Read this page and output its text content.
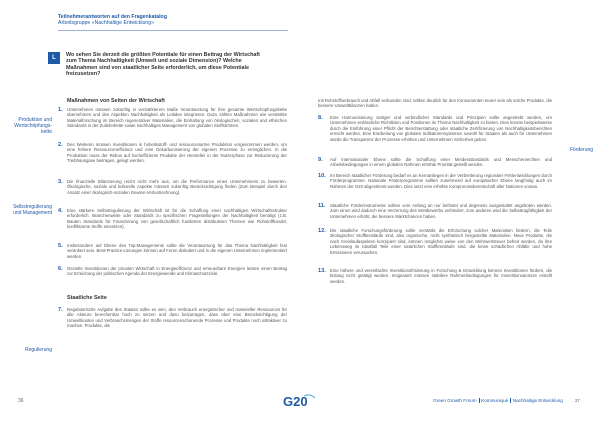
Teilnehmerantworten auf den Fragenkatalog
Arbeitsgruppe «Nachhaltige Entwicklung»
L	Wo sehen Sie derzeit die größten Potentiale für einen Beitrag der Wirtschaft zum Thema Nachhaltigkeit (Umwelt und soziale Dimension)? Welche Maßnahmen sind von staatlicher Seite erforderlich, um diese Potentiale freizusetzen?
Maßnahmen von Seiten der Wirtschaft
Produktion und Wertschöpfungskette
Selbstregulierung und Management
Regulierung
1. Unternehmen müssen zukünftig in verstärkterem Maße Verantwortung für ihre gesamte Wertschöpfungskette übernehmen und den Aspekten Nachhaltigkeit als Leitidee integrieren. Dazu zählen Maßnahmen wie verstärkte Materialforschung im Bereich regenerativer Materialien, die Einhaltung von ökologischen, sozialen und ethischen Standards in der Zulieferkette sowie nachhaltiges Management von globalen Stoffströmen.
2. Des Weiteren müssen Investitionen in hoheitsstoff- und ressourcenarme Produktion vorgenommen werden, um eine höhere Ressourceneffizienz und eine Dekarbonisierung der eigenen Prozesse zu ermöglichen. In die Produktion muss der Rebus auf hocheffiziente Produkte der Hersteller in der Nutzerphase zur Reduzierung der Treibhausgase beitragen, gelegt werden.
3. Die finanzielle Bilanzierung reicht nicht mehr aus, um die Performance eines Unternehmens zu bewerten. Ökologische, soziale und kulturelle Aspekte müssen zukünftig Berücksichtigung finden (Zum Beispiel durch den Ansatz einer ökologisch-sozialen Gewinn-Verlustrechnung).
4. Eine stärkere Selbstregulierung der Wirtschaft ist für die Schaffung einer nachhaltigen Wirtschaftsstruktur erforderlich. Branchenweite oder Standards zu spezifischen Fragestellungen der Nachhaltigkeit benötigt (z.B. Bauten Standards für Finanzierung von gesellschaftlich fundierten distributiven Themen wie Rohstoffhandel, konfliktarme Stoffe einsetzen).
5. Insbesondere auf Ebene des Top-Managements sollte die Verantwortung für das Thema Nachhaltigkeit fest verankert sein. Best-Practice-Lösungen können auf Foren diskutiert und in die eigenen Unternehmen implementiert werden.
6. Gezielte Investitionen der privaten Wirtschaft in Energieeffizienz und erneuerbare Energien leisten einen Beitrag zur Erreichung der politischen Agenda der Energiewende und Klimaschutzziele.
Staatliche Seite
7. Regulatorische Aufgabe des Staates sollte es sein, den Verbrauch energetischer und materieller Ressourcen für alle Akteure berechenbar hoch zu setzen und dazu beizutragen, dass über eine Berücksichtigung der Umweltkosten und Verbrauchsmengen der Stoffe resourcenschonende Prozesse und Produkte noch attraktiver zu machen. Produkte, die
36	G20
mit Rohstoffverbrauch und Abfall verbunden sind, sollten deutlich für den Konsumenten teurer sein als solche Produkte, die bessere Umweltbilanzen haben.
Förderung
8. Eine Harmonisierung stetiger und verbindlicher Standards und Prinzipien sollte angestrebt werden, um Unternehmen verlässliche Richtlinien und Positionen im Thema Nachhaltigkeit zu bieten. Dies könnte beispielsweise durch die Einführung einer Pflicht der Berichterstattung oder staatliche Zertifizierung von Nachhaltigkeitsberichten erreicht werden. Eine Erarbeitung von globalen Indikatorensystemen sowohl für Staaten als auch für Unternehmen würde die Transparenz der Prozesse erhöhen und Unternehmen Sicherheit geben.
9. Auf internationaler Ebene sollte die Schaffung einer Mindeststandards und Menschenrechten und Arbeitsbedingungen in einem globalen Rahmen erhöhte Priorität gestellt werden.
10. Im Bereich staatlicher Förderung bedarf es an Kernanliegen in der Verbreiterung regionaler Fehlentwicklungen durch Förderprogramme. Nationale Förderprogramme sollten zunehmend auf europäischer Ebene langfristig auch im Rahmen der G20 abgestimmt werden. Dies setzt eine erhöhte Kompromissbereitschaft aller Nationen voraus.
11. Staatliche Förderinstrumente sollten vom Anfang an nur befristet und degressiv ausgestaltet angeboten werden. Zum einen wird dadurch eine Verzerrung des Wettbewerbs verhindert, zum anderen wird die Selbsttragfähigkeit der Unternehmen erhöht, die bessere Marktchancen haben.
12. Die staatliche Forschungsförderung sollte verstärkt die Erforschung solcher Materialien fördern, die Teile ökologischer Stoffkreisläufe sind, also organische, nicht synthetisch hergestellte Materialien. Neue Produkte, die nach Kreislaufaspekten konzipiert sind, können möglichst weise von den Mehrwertsteuer befreit werden, da ihre Lebensweg im Idealfall Teile einer natürlichen Stoffkreisläufe sind, die keine schädlichen Abfälle und hohe Emissionen verursachen.
13. Eine höhere und vereinfachte Investitionsförderung in Forschung & Entwicklung können Investitionen fördern, die bislang nicht getätigt werden. Insgesamt müssen stabilere Rahmenbedingungen für Investitionsanreize erstellt werden.
Green Growth Forum Kommuniqué Nachhaltige Entwicklung	37
